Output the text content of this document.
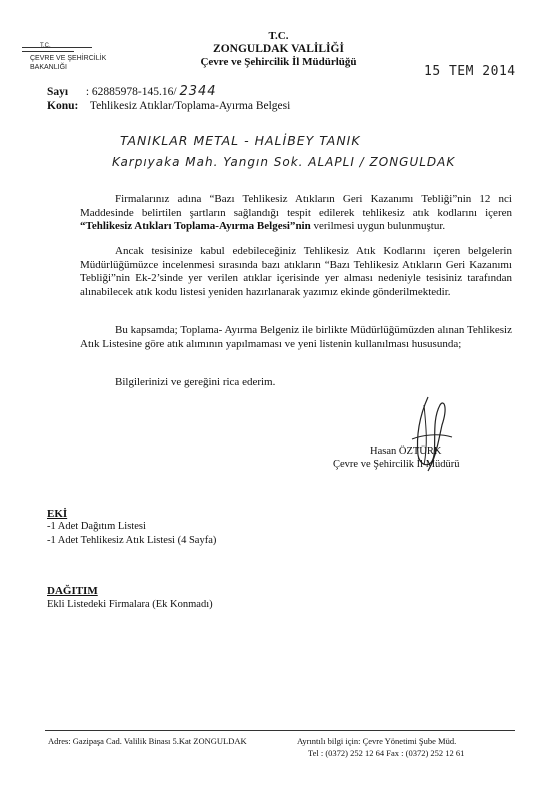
T.C.
ÇEVRE VE ŞEHİRCİLİK
BAKANLIĞI
T.C.
ZONGULDAK VALİLİĞİ
Çevre ve Şehircilik İl Müdürlüğü
15 TEM 2014
Sayı : 62885978-145.16/ 2344
Konu: Tehlikesiz Atıklar/Toplama-Ayırma Belgesi
TANIKLAR METAL - HALİBEY TANIK
Karpıyaka Mah. Yangın Sok. ALAPLI / ZONGULDAK
Firmalarınız adına “Bazı Tehlikesiz Atıkların Geri Kazanımı Tebliği”nin 12 nci Maddesinde belirtilen şartların sağlandığı tespit edilerek tehlikesiz atık kodlarını içeren “Tehlikesiz Atıkları Toplama-Ayırma Belgesi”nin verilmesi uygun bulunmuştur.
Ancak tesisinize kabul edebileceğiniz Tehlikesiz Atık Kodlarını içeren belgelerin Müdürlüğümüzce incelenmesi sırasında bazı atıkların “Bazı Tehlikesiz Atıkların Geri Kazanımı Tebliği”nin Ek-2’sinde yer verilen atıklar içerisinde yer alması nedeniyle tesisiniz tarafından alınabilecek atık kodu listesi yeniden hazırlanarak yazımız ekinde gönderilmektedir.
Bu kapsamda; Toplama- Ayırma Belgeniz ile birlikte Müdürlüğümüzden alınan Tehlikesiz Atık Listesine göre atık alımının yapılmaması ve yeni listenin kullanılması hususunda;
Bilgilerinizi ve gereğini rica ederim.
Hasan ÖZTÜRK
Çevre ve Şehircilik İl Müdürü
EKİ
-1 Adet Dağıtım Listesi
-1 Adet Tehlikesiz Atık Listesi (4 Sayfa)
DAĞITIM
Ekli Listedeki Firmalara (Ek Konmadı)
Adres: Gazipaşa Cad. Valilik Binası 5.Kat ZONGULDAK	Ayrıntılı bilgi için: Çevre Yönetimi Şube Müd.
Tel : (0372) 252 12 64 Fax : (0372) 252 12 61
